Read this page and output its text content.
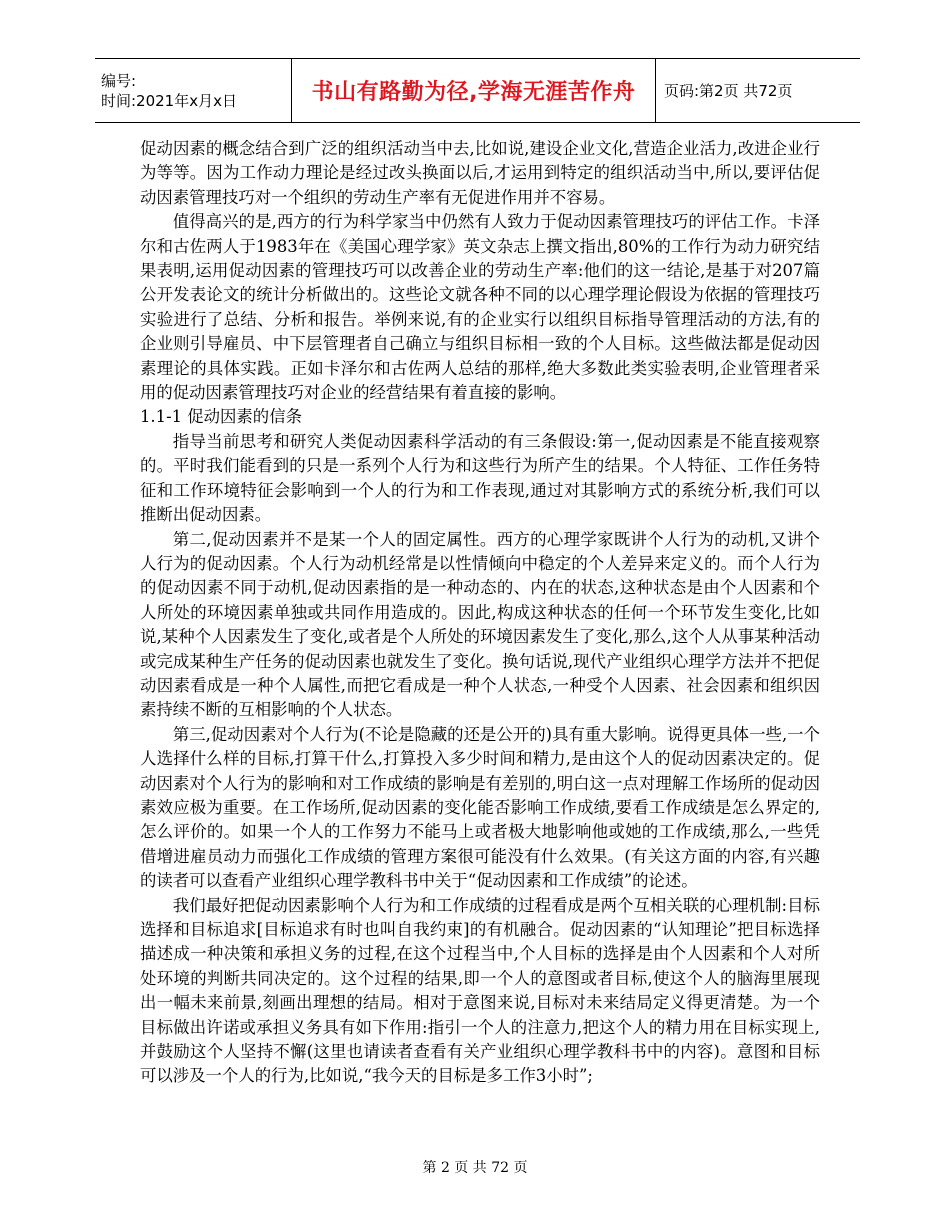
编号:
时间:2021年x月x日	书山有路勤为径,学海无涯苦作舟 页码:第2页 共72页

促动因素的概念结合到广泛的组织活动当中去,比如说,建设企业文化,营造企业活力,改进企业行为等等。因为工作动力理论是经过改头换面以后,才运用到特定的组织活动当中,所以,要评估促动因素管理技巧对一个组织的劳动生产率有无促进作用并不容易。

值得高兴的是,西方的行为科学家当中仍然有人致力于促动因素管理技巧的评估工作。卡泽尔和古佐两人于1983年在《美国心理学家》英文杂志上撰文指出,80%的工作行为动力研究结果表明,运用促动因素的管理技巧可以改善企业的劳动生产率:他们的这一结论,是基于对207篇公开发表论文的统计分析做出的。这些论文就各种不同的以心理学理论假设为依据的管理技巧实验进行了总结、分析和报告。举例来说,有的企业实行以组织目标指导管理活动的方法,有的企业则引导雇员、中下层管理者自己确立与组织目标相一致的个人目标。这些做法都是促动因素理论的具体实践。正如卡泽尔和古佐两人总结的那样,绝大多数此类实验表明,企业管理者采用的促动因素管理技巧对企业的经营结果有着直接的影响。

1.1-1 促动因素的信条

指导当前思考和研究人类促动因素科学活动的有三条假设:第一,促动因素是不能直接观察的。平时我们能看到的只是一系列个人行为和这些行为所产生的结果。个人特征、工作任务特征和工作环境特征会影响到一个人的行为和工作表现,通过对其影响方式的系统分析,我们可以推断出促动因素。

第二,促动因素并不是某一个人的固定属性。西方的心理学家既讲个人行为的动机,又讲个人行为的促动因素。个人行为动机经常是以性情倾向中稳定的个人差异来定义的。而个人行为的促动因素不同于动机,促动因素指的是一种动态的、内在的状态,这种状态是由个人因素和个人所处的环境因素单独或共同作用造成的。因此,构成这种状态的任何一个环节发生变化,比如说,某种个人因素发生了变化,或者是个人所处的环境因素发生了变化,那么,这个人从事某种活动或完成某种生产任务的促动因素也就发生了变化。换句话说,现代产业组织心理学方法并不把促动因素看成是一种个人属性,而把它看成是一种个人状态,一种受个人因素、社会因素和组织因素持续不断的互相影响的个人状态。

第三,促动因素对个人行为(不论是隐藏的还是公开的)具有重大影响。说得更具体一些,一个人选择什么样的目标,打算干什么,打算投入多少时间和精力,是由这个人的促动因素决定的。促动因素对个人行为的影响和对工作成绩的影响是有差别的,明白这一点对理解工作场所的促动因素效应极为重要。在工作场所,促动因素的变化能否影响工作成绩,要看工作成绩是怎么界定的,怎么评价的。如果一个人的工作努力不能马上或者极大地影响他或她的工作成绩,那么,一些凭借增进雇员动力而强化工作成绩的管理方案很可能没有什么效果。(有关这方面的内容,有兴趣的读者可以查看产业组织心理学教科书中关于“促动因素和工作成绩”的论述。

我们最好把促动因素影响个人行为和工作成绩的过程看成是两个互相关联的心理机制:目标选择和目标追求[目标追求有时也叫自我约束]的有机融合。促动因素的“认知理论”把目标选择描述成一种决策和承担义务的过程,在这个过程当中,个人目标的选择是由个人因素和个人对所处环境的判断共同决定的。这个过程的结果,即一个人的意图或者目标,使这个人的脑海里展现出一幅未来前景,刻画出理想的结局。相对于意图来说,目标对未来结局定义得更清楚。为一个目标做出许诺或承担义务具有如下作用:指引一个人的注意力,把这个人的精力用在目标实现上,并鼓励这个人坚持不懈(这里也请读者查看有关产业组织心理学教科书中的内容)。意图和目标可以涉及一个人的行为,比如说,“我今天的目标是多工作3小时”;

第 2 页 共 72 页
